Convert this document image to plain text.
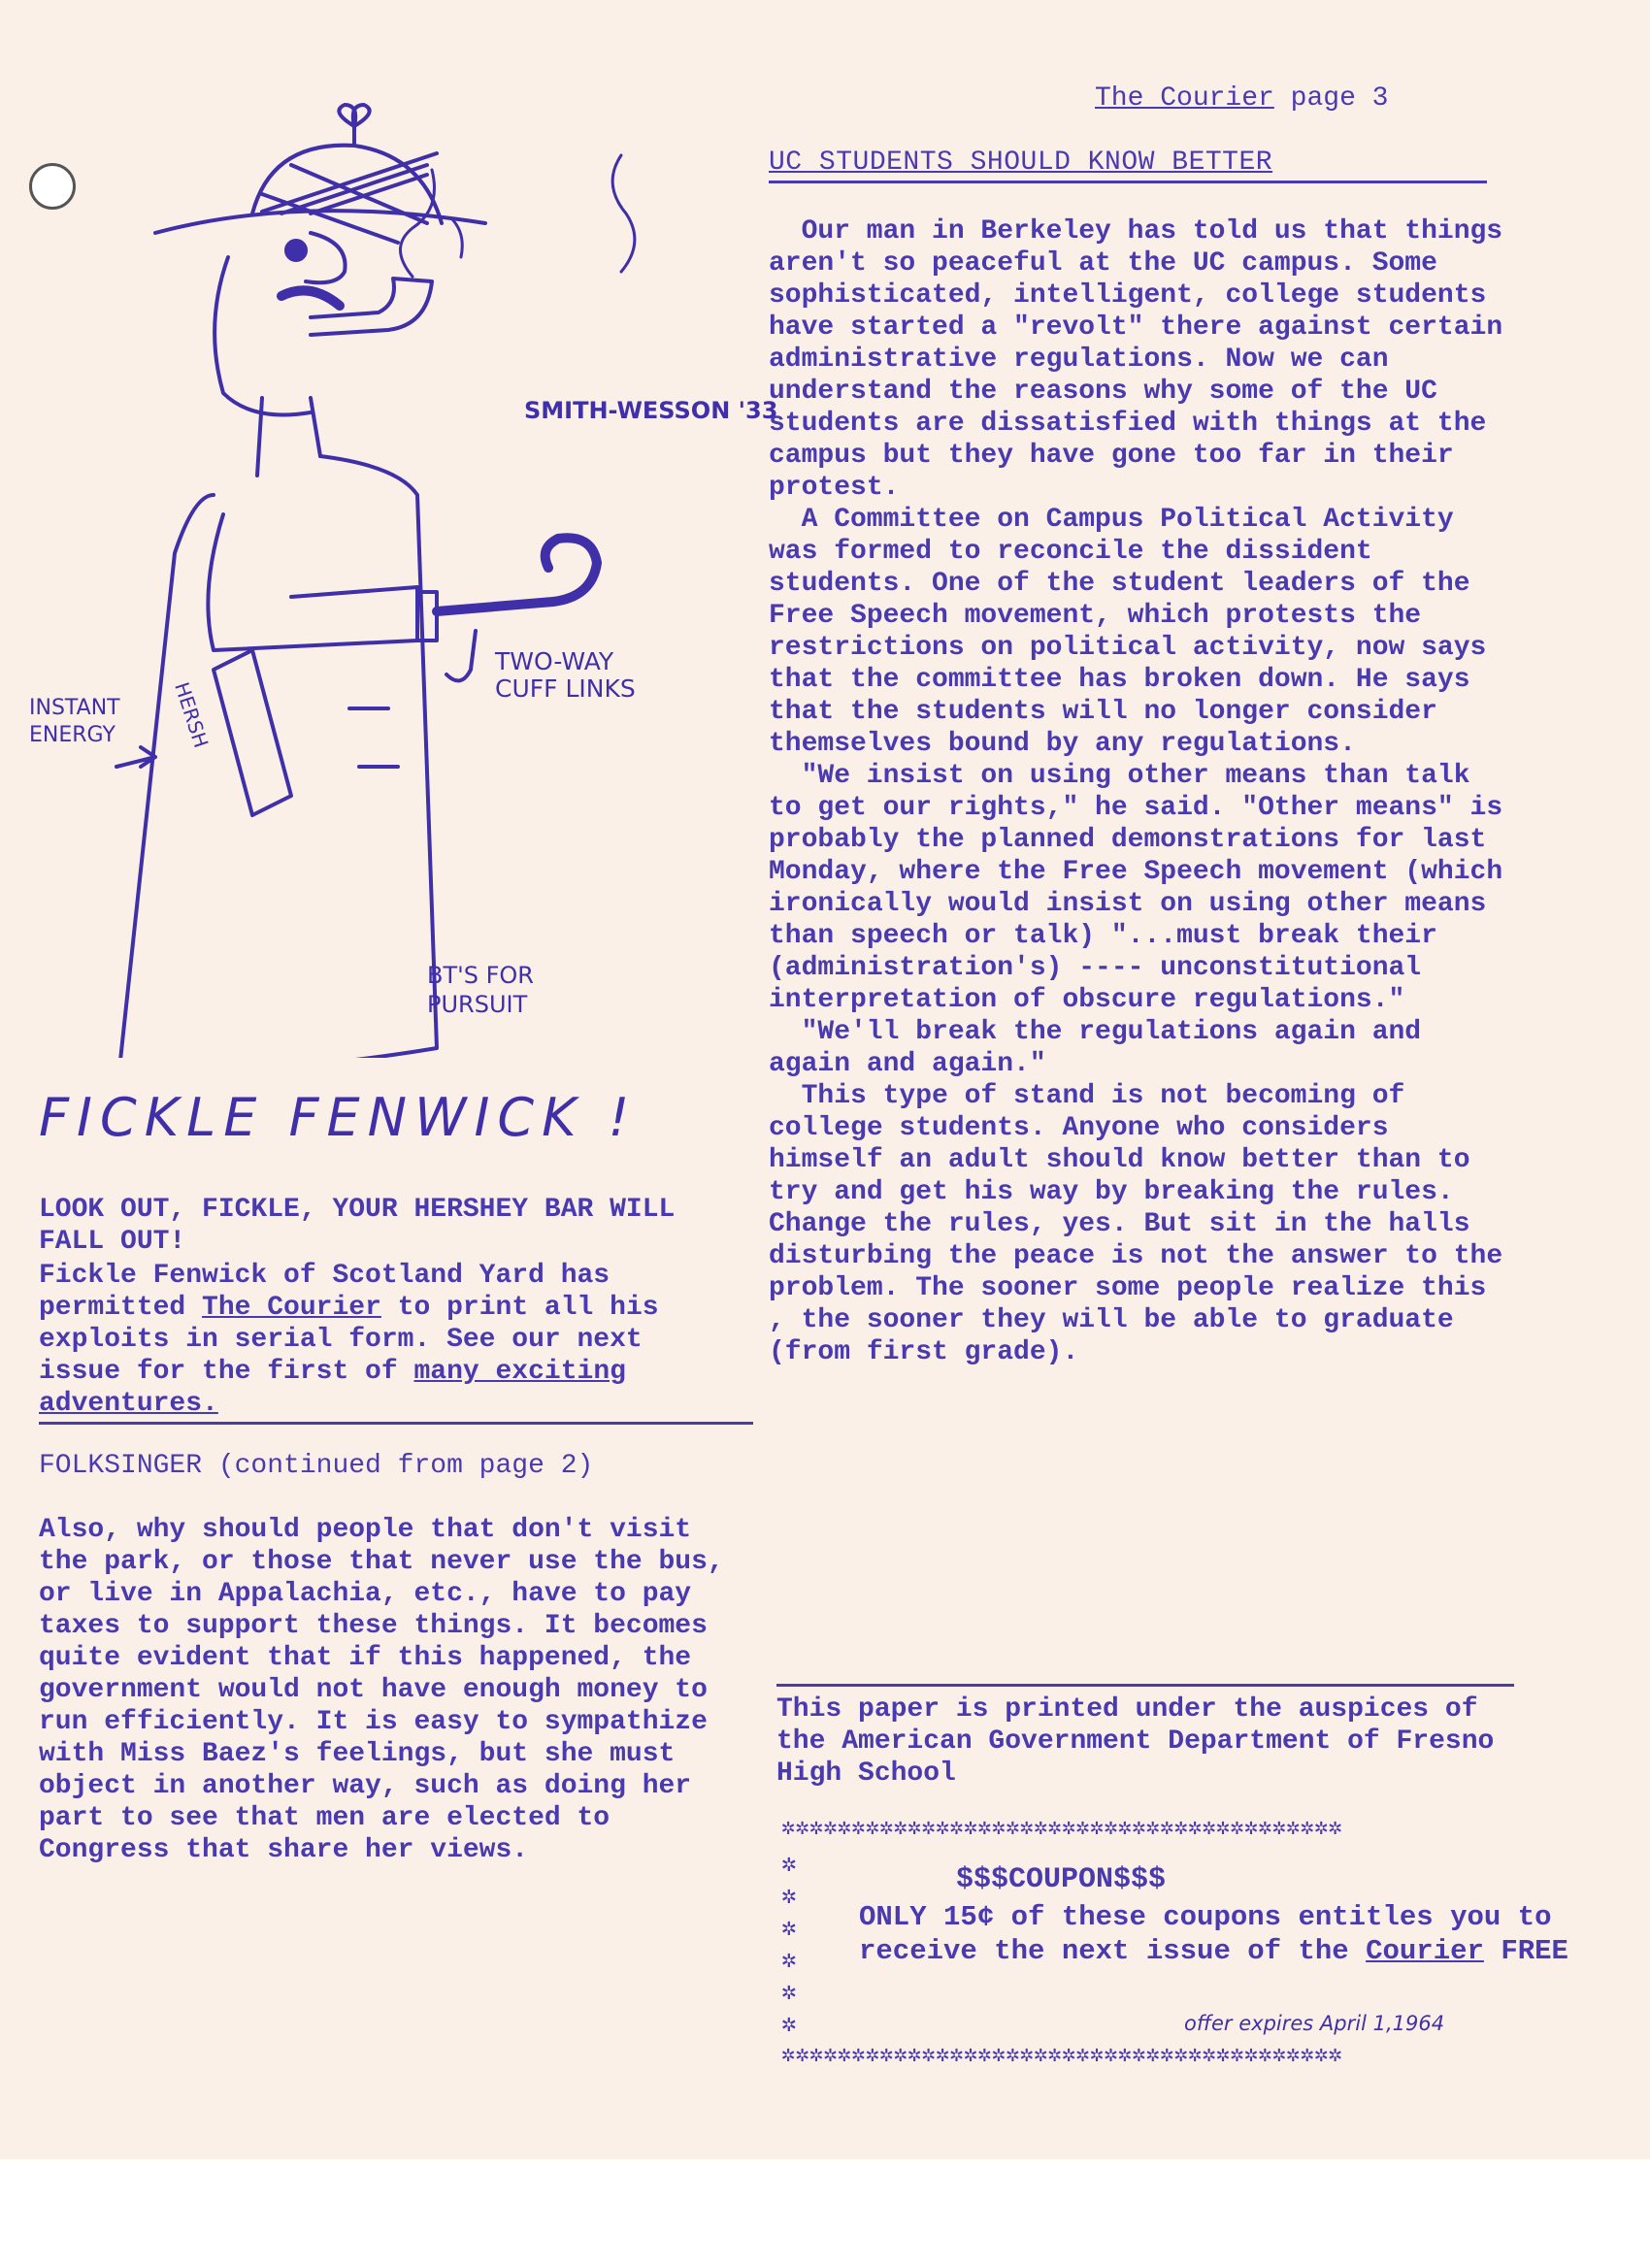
The Courier page 3
SMITH-WESSON '33
TWO-WAY CUFF LINKS
INSTANT ENERGY	HERSH
BT'S FOR PURSUIT
FICKLE FENWICK !
LOOK OUT, FICKLE, YOUR HERSHEY BAR WILL FALL OUT!
Fickle Fenwick of Scotland Yard has permitted The Courier to print all his exploits in serial form. See our next issue for the first of many exciting adventures.
FOLKSINGER (continued from page 2)
Also, why should people that don't visit the park, or those that never use the bus, or live in Appalachia, etc., have to pay taxes to support these things. It becomes quite evident that if this happened, the government would not have enough money to run efficiently. It is easy to sympathize with Miss Baez's feelings, but she must object in another way, such as doing her part to see that men are elected to Congress that share her views.
UC STUDENTS SHOULD KNOW BETTER

Our man in Berkeley has told us that things aren't so peaceful at the UC campus. Some sophisticated, intelligent, college students have started a "revolt" there against certain administrative regulations. Now we can understand the reasons why some of the UC students are dissatisfied with things at the campus but they have gone too far in their protest.

A Committee on Campus Political Activity was formed to reconcile the dissident students. One of the student leaders of the Free Speech movement, which protests the restrictions on political activity, now says that the committee has broken down. He says that the students will no longer consider themselves bound by any regulations.

"We insist on using other means than talk to get our rights," he said. "Other means" is probably the planned demonstrations for last Monday, where the Free Speech movement (which ironically would insist on using other means than speech or talk) "...must break their (administration's) ---- unconstitutional interpretation of obscure regulations."

"We'll break the regulations again and again and again."

This type of stand is not becoming of college students. Anyone who considers himself an adult should know better than to try and get his way by breaking the rules. Change the rules, yes. But sit in the halls disturbing the peace is not the answer to the problem. The sooner some people realize this , the sooner they will be able to graduate (from first grade).

This paper is printed under the auspices of the American Government Department of Fresno High School
✲✲✲✲✲✲✲✲✲✲✲✲✲✲✲✲✲✲✲✲✲✲✲✲✲✲✲✲✲✲✲✲✲✲✲✲✲✲✲✲
✲
✲
✲
✲
✲
✲
$$$COUPON$$$
ONLY 15¢ of these coupons entitles you to receive the next issue of the Courier FREE
offer expires April 1,1964
✲✲✲✲✲✲✲✲✲✲✲✲✲✲✲✲✲✲✲✲✲✲✲✲✲✲✲✲✲✲✲✲✲✲✲✲✲✲✲✲
